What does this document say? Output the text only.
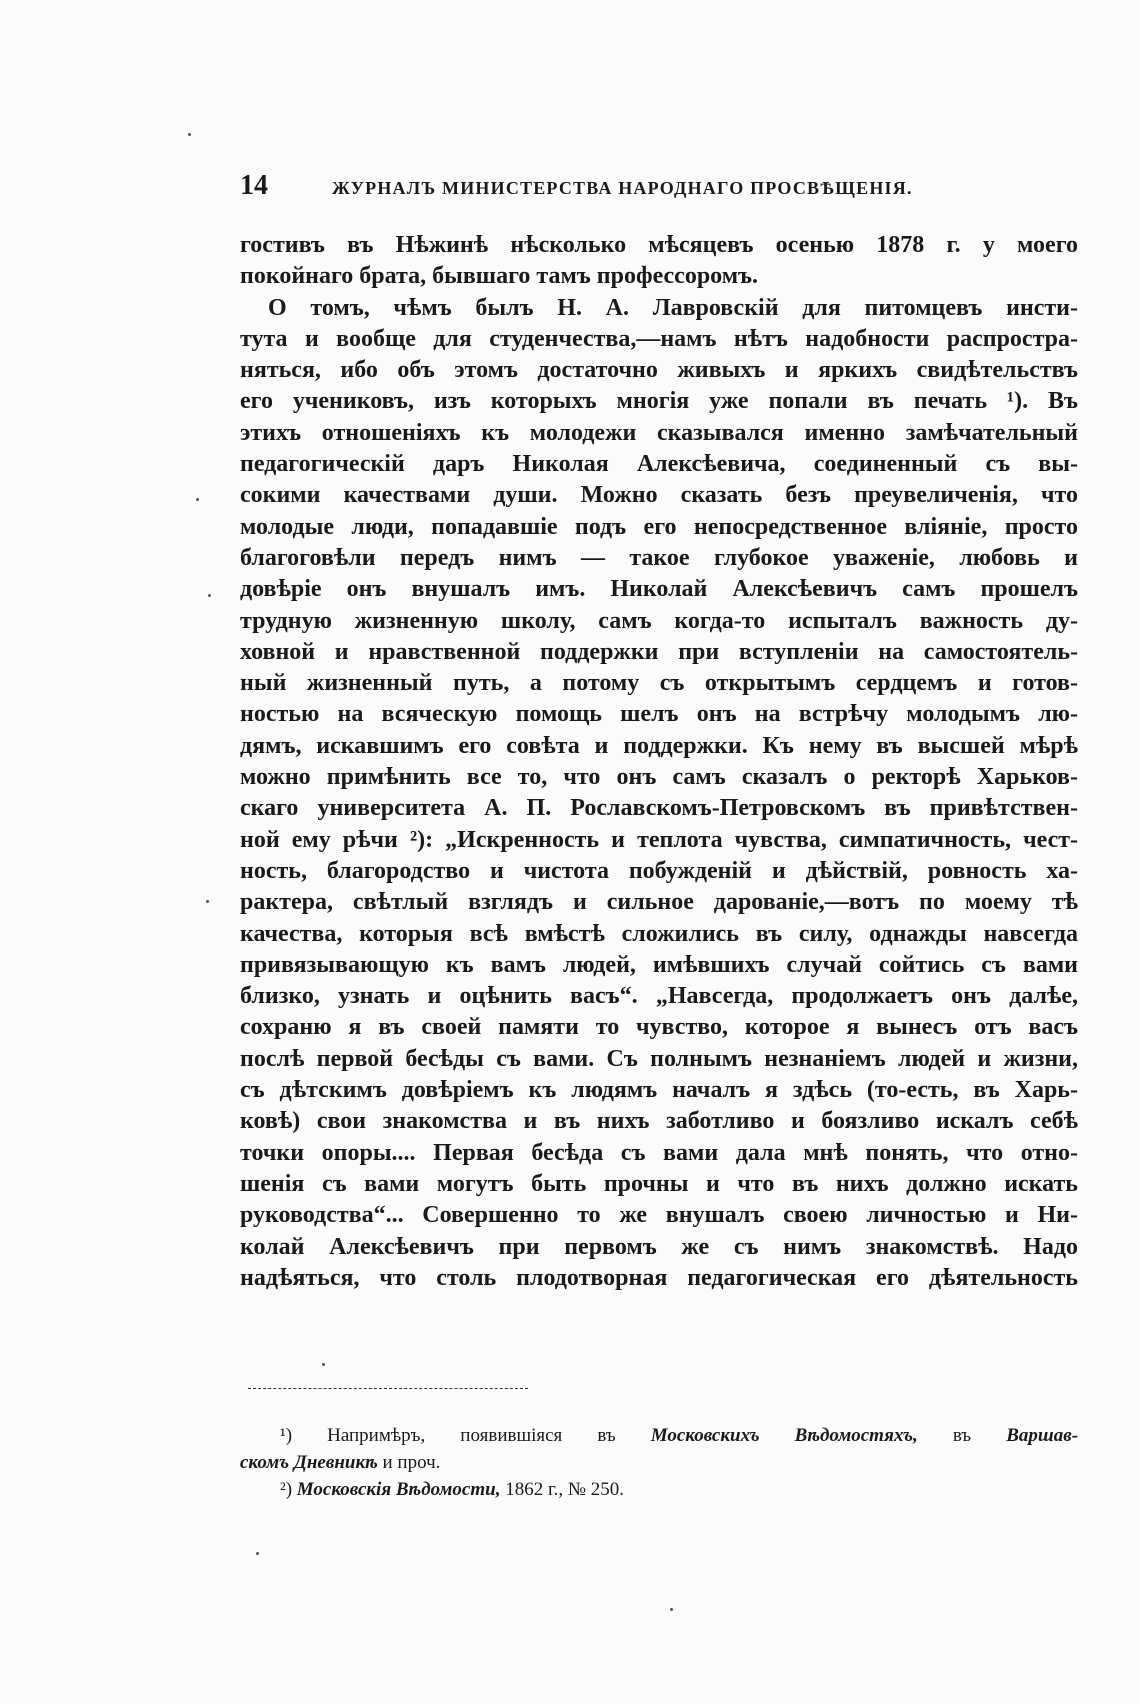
14	ЖУРНАЛЪ МИНИСТЕРСТВА НАРОДНАГО ПРОСВѢЩЕНІЯ.
гостивъ въ Нѣжинѣ нѣсколько мѣсяцевъ осенью 1878 г. у моего
покойнаго брата, бывшаго тамъ профессоромъ.
О томъ, чѣмъ былъ Н. А. Лавровскій для питомцевъ инсти-
тута и вообще для студенчества,—намъ нѣтъ надобности распростра-
няться, ибо объ этомъ достаточно живыхъ и яркихъ свидѣтельствъ
его учениковъ, изъ которыхъ многія уже попали въ печать ¹). Въ
этихъ отношеніяхъ къ молодежи сказывался именно замѣчательный
педагогическій даръ Николая Алексѣевича, соединенный съ вы-
сокими качествами души. Можно сказать безъ преувеличенія, что
молодые люди, попадавшіе подъ его непосредственное вліяніе, просто
благоговѣли передъ нимъ — такое глубокое уваженіе, любовь и
довѣріе онъ внушалъ имъ. Николай Алексѣевичъ самъ прошелъ
трудную жизненную школу, самъ когда-то испыталъ важность ду-
ховной и нравственной поддержки при вступленіи на самостоятель-
ный жизненный путь, а потому съ открытымъ сердцемъ и готов-
ностью на всяческую помощь шелъ онъ на встрѣчу молодымъ лю-
дямъ, искавшимъ его совѣта и поддержки. Къ нему въ высшей мѣрѣ
можно примѣнить все то, что онъ самъ сказалъ о ректорѣ Харьков-
скаго университета А. П. Рославскомъ-Петровскомъ въ привѣтствен-
ной ему рѣчи ²): „Искренность и теплота чувства, симпатичность, чест-
ность, благородство и чистота побужденій и дѣйствій, ровность ха-
рактера, свѣтлый взглядъ и сильное дарованіе,—вотъ по моему тѣ
качества, которыя всѣ вмѣстѣ сложились въ силу, однажды навсегда
привязывающую къ вамъ людей, имѣвшихъ случай сойтись съ вами
близко, узнать и оцѣнить васъ“. „Навсегда, продолжаетъ онъ далѣе,
сохраню я въ своей памяти то чувство, которое я вынесъ отъ васъ
послѣ первой бесѣды съ вами. Съ полнымъ незнаніемъ людей и жизни,
съ дѣтскимъ довѣріемъ къ людямъ началъ я здѣсь (то-есть, въ Харь-
ковѣ) свои знакомства и въ нихъ заботливо и боязливо искалъ себѣ
точки опоры.... Первая бесѣда съ вами дала мнѣ понять, что отно-
шенія съ вами могутъ быть прочны и что въ нихъ должно искать
руководства“... Совершенно то же внушалъ своею личностью и Ни-
колай Алексѣевичъ при первомъ же съ нимъ знакомствѣ. Надо
надѣяться, что столь плодотворная педагогическая его дѣятельность
¹) Напримѣръ, появившіяся въ Московскихъ Вѣдомостяхъ, въ Варшав-
скомъ Дневникѣ и проч.
²) Московскія Вѣдомости, 1862 г., № 250.
